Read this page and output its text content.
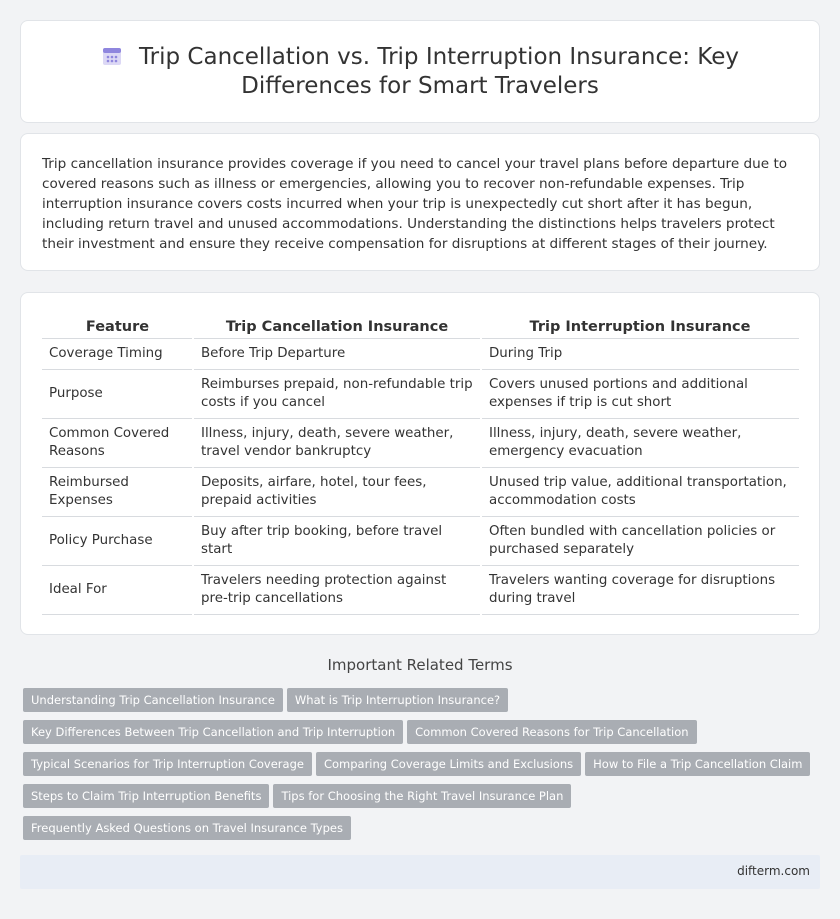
Trip Cancellation vs. Trip Interruption Insurance: Key Differences for Smart Travelers

Trip cancellation insurance provides coverage if you need to cancel your travel plans before departure due to covered reasons such as illness or emergencies, allowing you to recover non-refundable expenses. Trip interruption insurance covers costs incurred when your trip is unexpectedly cut short after it has begun, including return travel and unused accommodations. Understanding the distinctions helps travelers protect their investment and ensure they receive compensation for disruptions at different stages of their journey.

Feature	Trip Cancellation Insurance	Trip Interruption Insurance
Coverage Timing	Before Trip Departure	During Trip
Purpose	Reimburses prepaid, non-refundable trip costs if you cancel	Covers unused portions and additional expenses if trip is cut short
Common Covered Reasons	Illness, injury, death, severe weather, travel vendor bankruptcy	Illness, injury, death, severe weather, emergency evacuation
Reimbursed Expenses	Deposits, airfare, hotel, tour fees, prepaid activities	Unused trip value, additional transportation, accommodation costs
Policy Purchase	Buy after trip booking, before travel start	Often bundled with cancellation policies or purchased separately
Ideal For	Travelers needing protection against pre-trip cancellations	Travelers wanting coverage for disruptions during travel
Important Related Terms
Understanding Trip Cancellation Insurance What is Trip Interruption Insurance?
Key Differences Between Trip Cancellation and Trip Interruption Common Covered Reasons for Trip Cancellation
Typical Scenarios for Trip Interruption Coverage Comparing Coverage Limits and Exclusions How to File a Trip Cancellation Claim
Steps to Claim Trip Interruption Benefits Tips for Choosing the Right Travel Insurance Plan
Frequently Asked Questions on Travel Insurance Types
difterm.com
